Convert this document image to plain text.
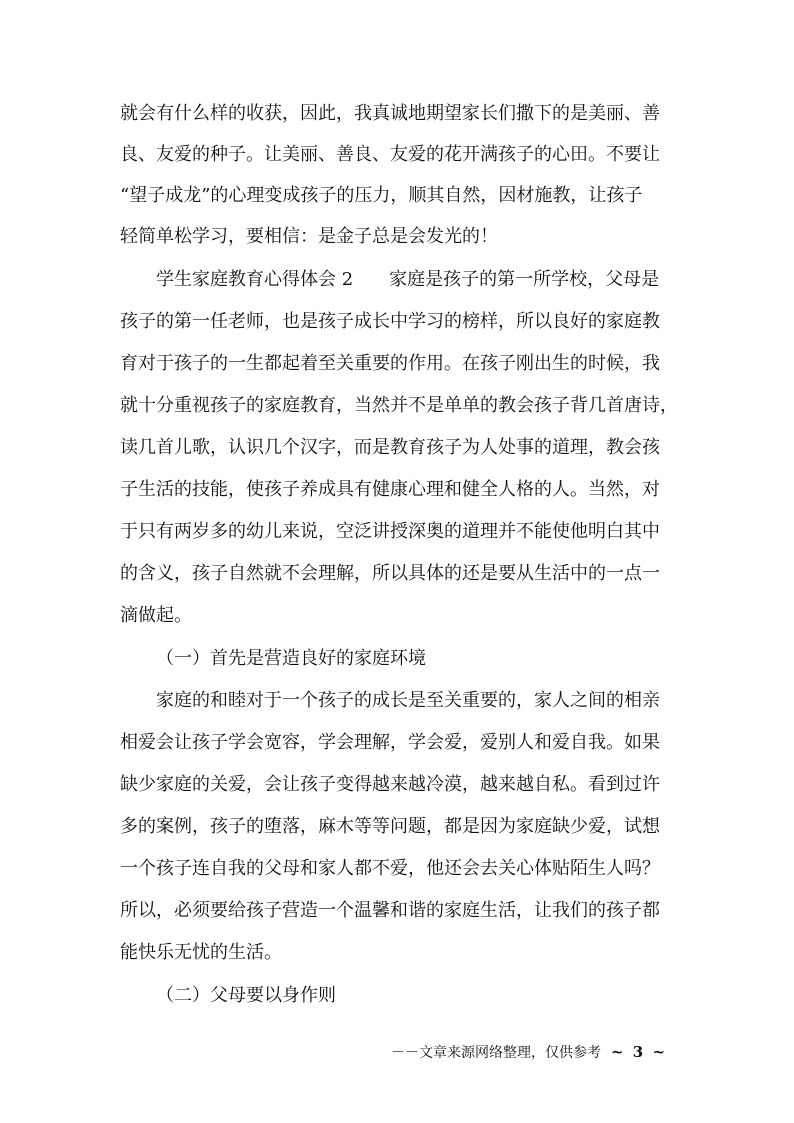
就会有什么样的收获，因此，我真诚地期望家长们撒下的是美丽、善
良、友爱的种子。让美丽、善良、友爱的花开满孩子的心田。不要让
“望子成龙”的心理变成孩子的压力，顺其自然，因材施教，让孩子
轻简单松学习，要相信：是金子总是会发光的！
学生家庭教育心得体会 2　　家庭是孩子的第一所学校，父母是
孩子的第一任老师，也是孩子成长中学习的榜样，所以良好的家庭教
育对于孩子的一生都起着至关重要的作用。在孩子刚出生的时候，我
就十分重视孩子的家庭教育，当然并不是单单的教会孩子背几首唐诗，
读几首儿歌，认识几个汉字，而是教育孩子为人处事的道理，教会孩
子生活的技能，使孩子养成具有健康心理和健全人格的人。当然，对
于只有两岁多的幼儿来说，空泛讲授深奥的道理并不能使他明白其中
的含义，孩子自然就不会理解，所以具体的还是要从生活中的一点一
滴做起。
（一）首先是营造良好的家庭环境
家庭的和睦对于一个孩子的成长是至关重要的，家人之间的相亲
相爱会让孩子学会宽容，学会理解，学会爱，爱别人和爱自我。如果
缺少家庭的关爱，会让孩子变得越来越冷漠，越来越自私。看到过许
多的案例，孩子的堕落，麻木等等问题，都是因为家庭缺少爱，试想
一个孩子连自我的父母和家人都不爱，他还会去关心体贴陌生人吗？
所以，必须要给孩子营造一个温馨和谐的家庭生活，让我们的孩子都
能快乐无忧的生活。
（二）父母要以身作则
－－文章来源网络整理，仅供参考 ~ 3 ~
